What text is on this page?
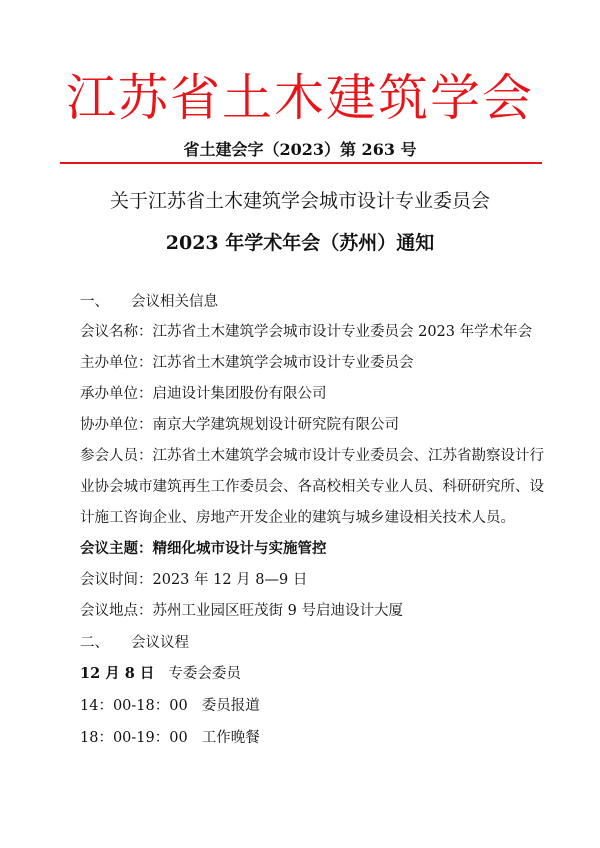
江苏省土木建筑学会
省土建会字（2023）第 263 号
关于江苏省土木建筑学会城市设计专业委员会
2023 年学术年会（苏州）通知
一、 会议相关信息
会议名称：江苏省土木建筑学会城市设计专业委员会 2023 年学术年会
主办单位：江苏省土木建筑学会城市设计专业委员会
承办单位：启迪设计集团股份有限公司
协办单位：南京大学建筑规划设计研究院有限公司
参会人员：江苏省土木建筑学会城市设计专业委员会、江苏省勘察设计行
业协会城市建筑再生工作委员会、各高校相关专业人员、科研研究所、设
计施工咨询企业、房地产开发企业的建筑与城乡建设相关技术人员。
会议主题：精细化城市设计与实施管控
会议时间：2023 年 12 月 8—9 日
会议地点：苏州工业园区旺茂街 9 号启迪设计大厦
二、 会议议程
12 月 8 日 专委会委员
14：00-18：00 委员报道
18：00-19：00 工作晚餐
